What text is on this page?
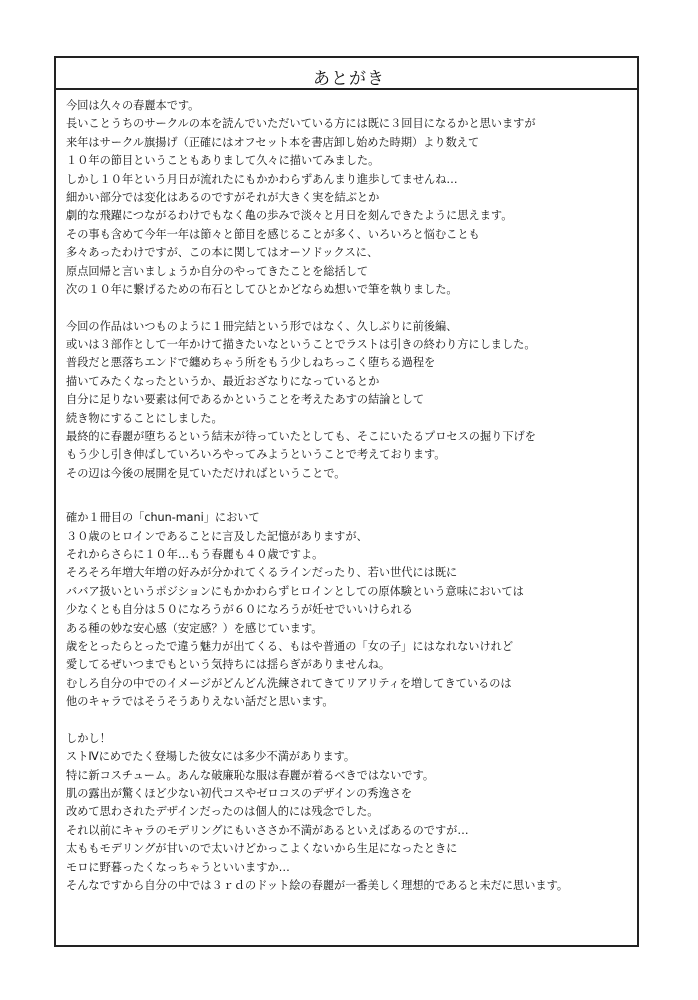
あとがき
今回は久々の春麗本です。
長いことうちのサークルの本を読んでいただいている方には既に３回目になるかと思いますが
来年はサークル旗揚げ（正確にはオフセット本を書店卸し始めた時期）より数えて
１０年の節目ということもありまして久々に描いてみました。
しかし１０年という月日が流れたにもかかわらずあんまり進歩してませんね…
細かい部分では変化はあるのですがそれが大きく実を結ぶとか
劇的な飛躍につながるわけでもなく亀の歩みで淡々と月日を刻んできたように思えます。
その事も含めて今年一年は節々と節目を感じることが多く、いろいろと悩むことも
多々あったわけですが、この本に関してはオーソドックスに、
原点回帰と言いましょうか自分のやってきたことを総括して
次の１０年に繋げるための布石としてひとかどならぬ想いで筆を執りました。
今回の作品はいつものように１冊完結という形ではなく、久しぶりに前後編、
或いは３部作として一年かけて描きたいなということでラストは引きの終わり方にしました。
普段だと悪落ちエンドで纏めちゃう所をもう少しねちっこく堕ちる過程を
描いてみたくなったというか、最近おざなりになっているとか
自分に足りない要素は何であるかということを考えたあすの結論として
続き物にすることにしました。
最終的に春麗が堕ちるという結末が待っていたとしても、そこにいたるプロセスの掘り下げを
もう少し引き伸ばしていろいろやってみようということで考えております。
その辺は今後の展開を見ていただければということで。
確か１冊目の「chun-mani」において
３０歳のヒロインであることに言及した記憶がありますが、
それからさらに１０年…もう春麗も４０歳ですよ。
そろそろ年増大年増の好みが分かれてくるラインだったり、若い世代には既に
ババア扱いというポジションにもかかわらずヒロインとしての原体験という意味においては
少なくとも自分は５０になろうが６０になろうが妊せでいいけられる
ある種の妙な安心感（安定感？）を感じています。
歳をとったらとったで違う魅力が出てくる、もはや普通の「女の子」にはなれないけれど
愛してるぜいつまでもという気持ちには揺らぎがありませんね。
むしろ自分の中でのイメージがどんどん洗練されてきてリアリティを増してきているのは
他のキャラではそうそうありえない話だと思います。
しかし！
ストⅣにめでたく登場した彼女には多少不満があります。
特に新コスチューム。あんな破廉恥な服は春麗が着るべきではないです。
肌の露出が驚くほど少ない初代コスやゼロコスのデザインの秀逸さを
改めて思わされたデザインだったのは個人的には残念でした。
それ以前にキャラのモデリングにもいささか不満があるといえばあるのですが…
太ももモデリングが甘いので太いけどかっこよくないから生足になったときに
モロに野暮ったくなっちゃうといいますか…
そんなですから自分の中では３ｒｄのドット絵の春麗が一番美しく理想的であると未だに思います。
